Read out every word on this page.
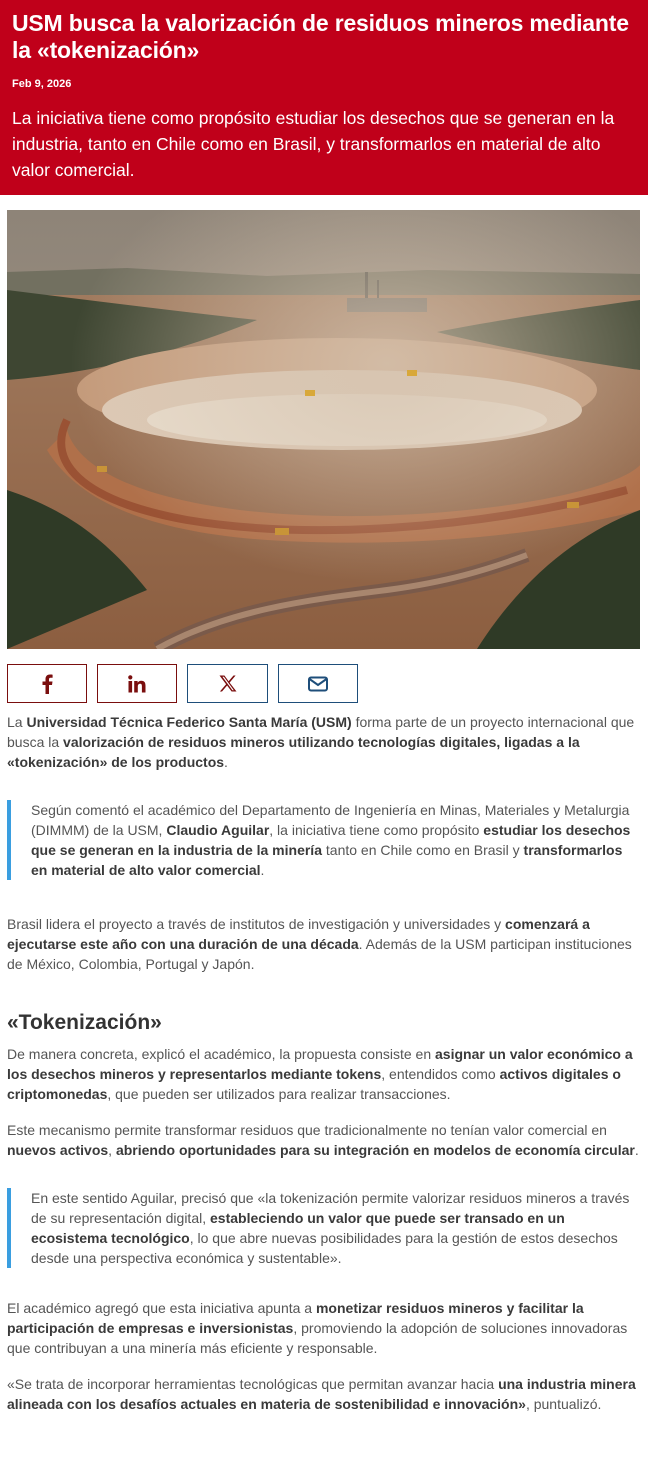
USM busca la valorización de residuos mineros mediante la «tokenización»
Feb 9, 2026
La iniciativa tiene como propósito estudiar los desechos que se generan en la industria, tanto en Chile como en Brasil, y transformarlos en material de alto valor comercial.

La Universidad Técnica Federico Santa María (USM) forma parte de un proyecto internacional que busca la valorización de residuos mineros utilizando tecnologías digitales, ligadas a la «tokenización» de los productos.

Según comentó el académico del Departamento de Ingeniería en Minas, Materiales y Metalurgia (DIMMM) de la USM, Claudio Aguilar, la iniciativa tiene como propósito estudiar los desechos que se generan en la industria de la minería tanto en Chile como en Brasil y transformarlos en material de alto valor comercial.

Brasil lidera el proyecto a través de institutos de investigación y universidades y comenzará a ejecutarse este año con una duración de una década. Además de la USM participan instituciones de México, Colombia, Portugal y Japón.

«Tokenización»

De manera concreta, explicó el académico, la propuesta consiste en asignar un valor económico a los desechos mineros y representarlos mediante tokens, entendidos como activos digitales o criptomonedas, que pueden ser utilizados para realizar transacciones.

Este mecanismo permite transformar residuos que tradicionalmente no tenían valor comercial en nuevos activos, abriendo oportunidades para su integración en modelos de economía circular.

En este sentido Aguilar, precisó que «la tokenización permite valorizar residuos mineros a través de su representación digital, estableciendo un valor que puede ser transado en un ecosistema tecnológico, lo que abre nuevas posibilidades para la gestión de estos desechos desde una perspectiva económica y sustentable».

El académico agregó que esta iniciativa apunta a monetizar residuos mineros y facilitar la participación de empresas e inversionistas, promoviendo la adopción de soluciones innovadoras que contribuyan a una minería más eficiente y responsable.

«Se trata de incorporar herramientas tecnológicas que permitan avanzar hacia una industria minera alineada con los desafíos actuales en materia de sostenibilidad e innovación», puntualizó.
